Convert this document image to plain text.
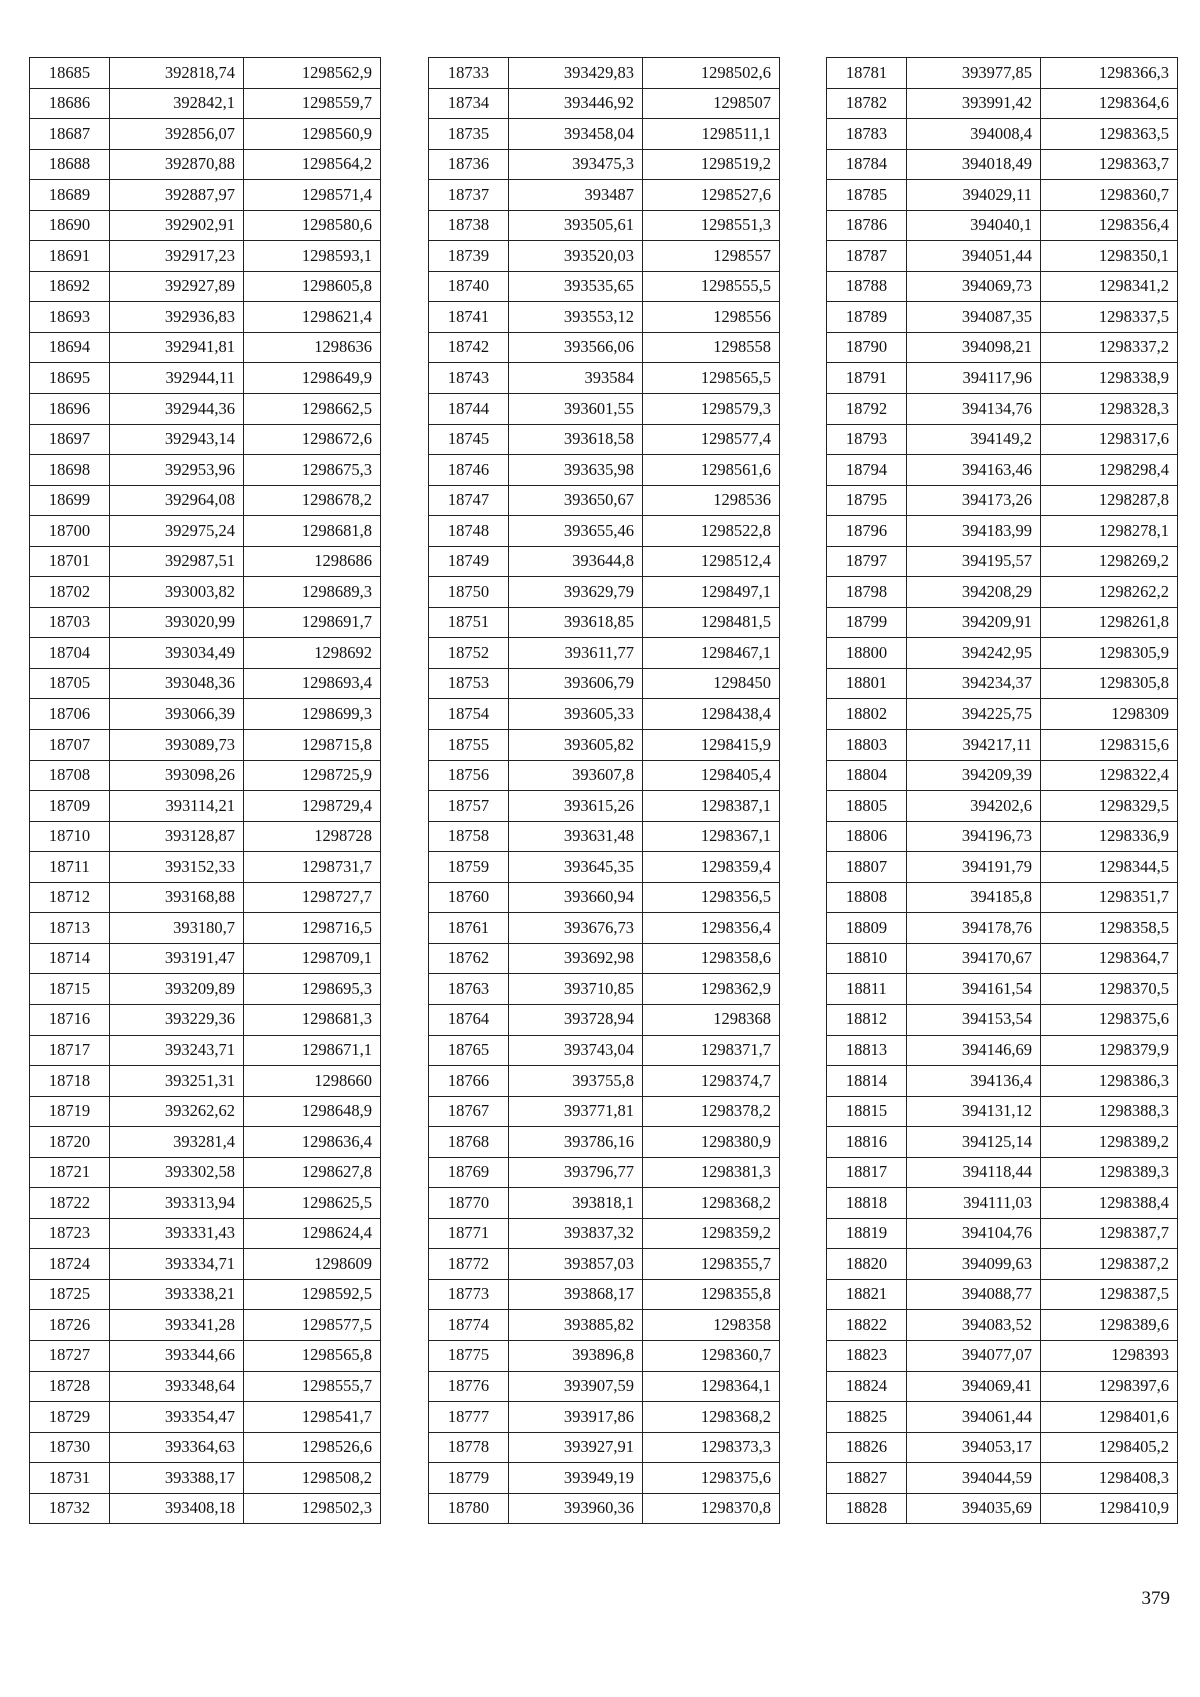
18685	392818,74	1298562,9
18686	392842,1	1298559,7
18687	392856,07	1298560,9
18688	392870,88	1298564,2
18689	392887,97	1298571,4
18690	392902,91	1298580,6
18691	392917,23	1298593,1
18692	392927,89	1298605,8
18693	392936,83	1298621,4
18694	392941,81	1298636
18695	392944,11	1298649,9
18696	392944,36	1298662,5
18697	392943,14	1298672,6
18698	392953,96	1298675,3
18699	392964,08	1298678,2
18700	392975,24	1298681,8
18701	392987,51	1298686
18702	393003,82	1298689,3
18703	393020,99	1298691,7
18704	393034,49	1298692
18705	393048,36	1298693,4
18706	393066,39	1298699,3
18707	393089,73	1298715,8
18708	393098,26	1298725,9
18709	393114,21	1298729,4
18710	393128,87	1298728
18711	393152,33	1298731,7
18712	393168,88	1298727,7
18713	393180,7	1298716,5
18714	393191,47	1298709,1
18715	393209,89	1298695,3
18716	393229,36	1298681,3
18717	393243,71	1298671,1
18718	393251,31	1298660
18719	393262,62	1298648,9
18720	393281,4	1298636,4
18721	393302,58	1298627,8
18722	393313,94	1298625,5
18723	393331,43	1298624,4
18724	393334,71	1298609
18725	393338,21	1298592,5
18726	393341,28	1298577,5
18727	393344,66	1298565,8
18728	393348,64	1298555,7
18729	393354,47	1298541,7
18730	393364,63	1298526,6
18731	393388,17	1298508,2
18732	393408,18	1298502,3
18733	393429,83	1298502,6
18734	393446,92	1298507
18735	393458,04	1298511,1
18736	393475,3	1298519,2
18737	393487	1298527,6
18738	393505,61	1298551,3
18739	393520,03	1298557
18740	393535,65	1298555,5
18741	393553,12	1298556
18742	393566,06	1298558
18743	393584	1298565,5
18744	393601,55	1298579,3
18745	393618,58	1298577,4
18746	393635,98	1298561,6
18747	393650,67	1298536
18748	393655,46	1298522,8
18749	393644,8	1298512,4
18750	393629,79	1298497,1
18751	393618,85	1298481,5
18752	393611,77	1298467,1
18753	393606,79	1298450
18754	393605,33	1298438,4
18755	393605,82	1298415,9
18756	393607,8	1298405,4
18757	393615,26	1298387,1
18758	393631,48	1298367,1
18759	393645,35	1298359,4
18760	393660,94	1298356,5
18761	393676,73	1298356,4
18762	393692,98	1298358,6
18763	393710,85	1298362,9
18764	393728,94	1298368
18765	393743,04	1298371,7
18766	393755,8	1298374,7
18767	393771,81	1298378,2
18768	393786,16	1298380,9
18769	393796,77	1298381,3
18770	393818,1	1298368,2
18771	393837,32	1298359,2
18772	393857,03	1298355,7
18773	393868,17	1298355,8
18774	393885,82	1298358
18775	393896,8	1298360,7
18776	393907,59	1298364,1
18777	393917,86	1298368,2
18778	393927,91	1298373,3
18779	393949,19	1298375,6
18780	393960,36	1298370,8
18781	393977,85	1298366,3
18782	393991,42	1298364,6
18783	394008,4	1298363,5
18784	394018,49	1298363,7
18785	394029,11	1298360,7
18786	394040,1	1298356,4
18787	394051,44	1298350,1
18788	394069,73	1298341,2
18789	394087,35	1298337,5
18790	394098,21	1298337,2
18791	394117,96	1298338,9
18792	394134,76	1298328,3
18793	394149,2	1298317,6
18794	394163,46	1298298,4
18795	394173,26	1298287,8
18796	394183,99	1298278,1
18797	394195,57	1298269,2
18798	394208,29	1298262,2
18799	394209,91	1298261,8
18800	394242,95	1298305,9
18801	394234,37	1298305,8
18802	394225,75	1298309
18803	394217,11	1298315,6
18804	394209,39	1298322,4
18805	394202,6	1298329,5
18806	394196,73	1298336,9
18807	394191,79	1298344,5
18808	394185,8	1298351,7
18809	394178,76	1298358,5
18810	394170,67	1298364,7
18811	394161,54	1298370,5
18812	394153,54	1298375,6
18813	394146,69	1298379,9
18814	394136,4	1298386,3
18815	394131,12	1298388,3
18816	394125,14	1298389,2
18817	394118,44	1298389,3
18818	394111,03	1298388,4
18819	394104,76	1298387,7
18820	394099,63	1298387,2
18821	394088,77	1298387,5
18822	394083,52	1298389,6
18823	394077,07	1298393
18824	394069,41	1298397,6
18825	394061,44	1298401,6
18826	394053,17	1298405,2
18827	394044,59	1298408,3
18828	394035,69	1298410,9
379
